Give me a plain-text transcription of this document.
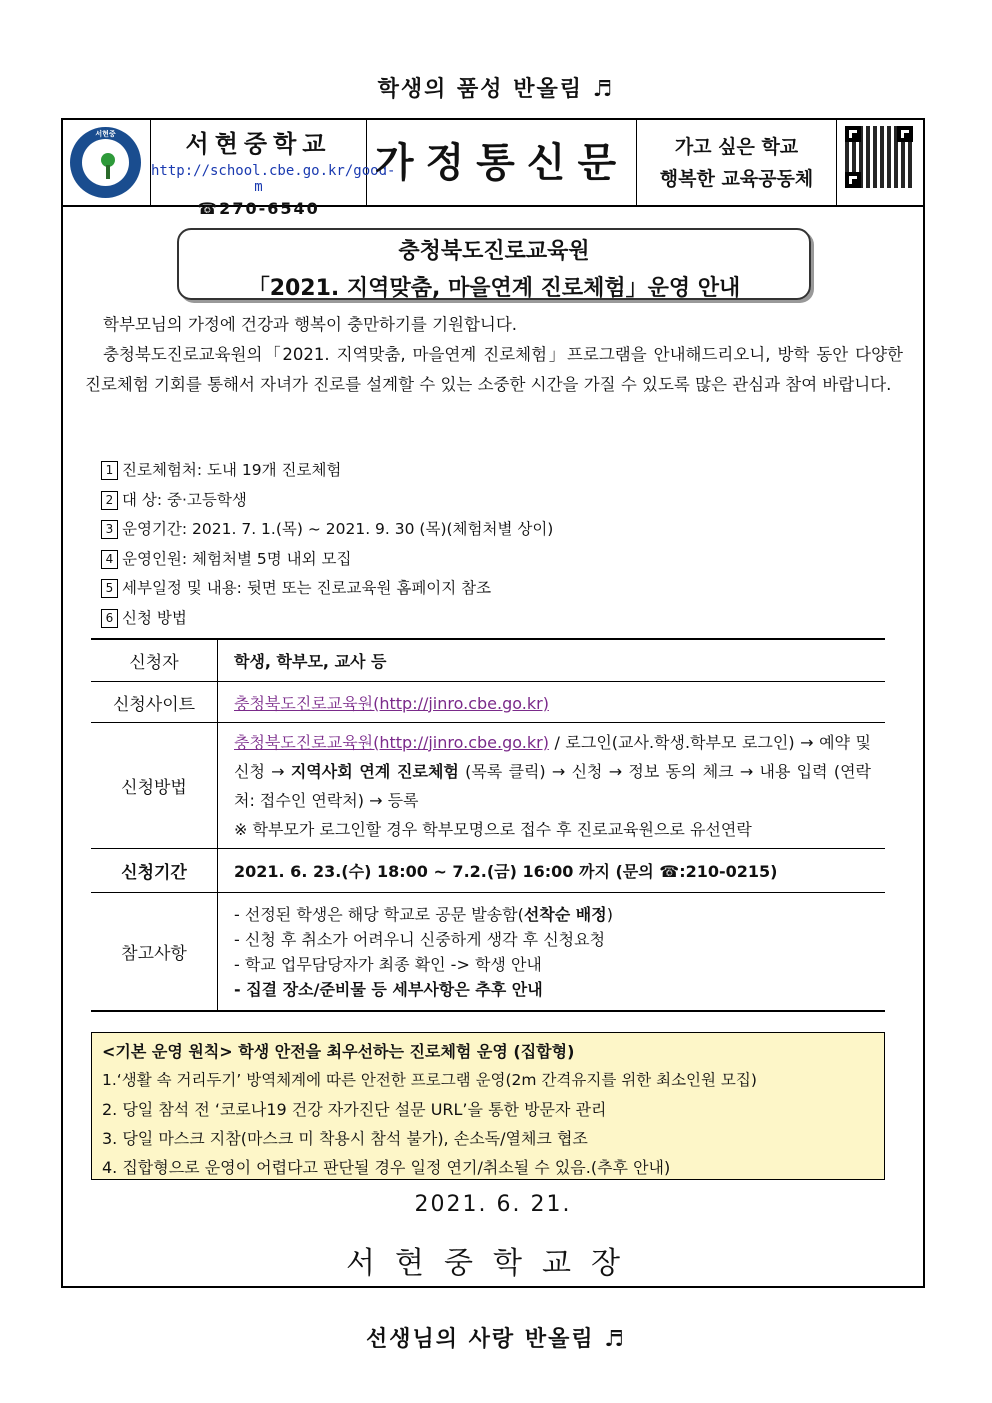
학생의 품성 반올림 ♬
서현중	서현중학교
http://school.cbe.go.kr/good-m
☎270-6540
가정통신문	가고 싶은 학교
행복한 교육공동체
충청북도진로교육원
「2021. 지역맞춤, 마을연계 진로체험」운영 안내

학부모님의 가정에 건강과 행복이 충만하기를 기원합니다.

충청북도진로교육원의「2021. 지역맞춤, 마을연계 진로체험」프로그램을 안내해드리오니, 방학 동안 다양한 진로체험 기회를 통해서 자녀가 진로를 설계할 수 있는 소중한 시간을 가질 수 있도록 많은 관심과 참여 바랍니다.

1 진로체험처: 도내 19개 진로체험
2 대 상: 중·고등학생
3 운영기간: 2021. 7. 1.(목) ~ 2021. 9. 30 (목)(체험처별 상이)
4 운영인원: 체험처별 5명 내외 모집
5 세부일정 및 내용: 뒷면 또는 진로교육원 홈페이지 참조
6 신청 방법
신청자	학생, 학부모, 교사 등
신청사이트	충청북도진로교육원(http://jinro.cbe.go.kr)
신청방법	충청북도진로교육원(http://jinro.cbe.go.kr) / 로그인(교사.학생.학부모 로그인) → 예약 및 신청 → 지역사회 연계 진로체험 (목록 클릭) → 신청 → 정보 동의 체크 → 내용 입력 (연락처: 접수인 연락처) → 등록
※ 학부모가 로그인할 경우 학부모명으로 접수 후 진로교육원으로 유선연락

신청기간	2021. 6. 23.(수) 18:00 ~ 7.2.(금) 16:00 까지 (문의 ☎:210-0215)
참고사항	- 선정된 학생은 해당 학교로 공문 발송함(선착순 배정)
- 신청 후 취소가 어려우니 신중하게 생각 후 신청요청
- 학교 업무담당자가 최종 확인 -> 학생 안내
- 집결 장소/준비물 등 세부사항은 추후 안내
<기본 운영 원칙> 학생 안전을 최우선하는 진로체험 운영 (집합형)
1.‘생활 속 거리두기’ 방역체계에 따른 안전한 프로그램 운영(2m 간격유지를 위한 최소인원 모집)
2. 당일 참석 전 ‘코로나19 건강 자가진단 설문 URL’을 통한 방문자 관리
3. 당일 마스크 지참(마스크 미 착용시 참석 불가), 손소독/열체크 협조
4. 집합형으로 운영이 어렵다고 판단될 경우 일정 연기/취소될 수 있음.(추후 안내)
2021. 6. 21.
서현중학교장
선생님의 사랑 반올림 ♬
